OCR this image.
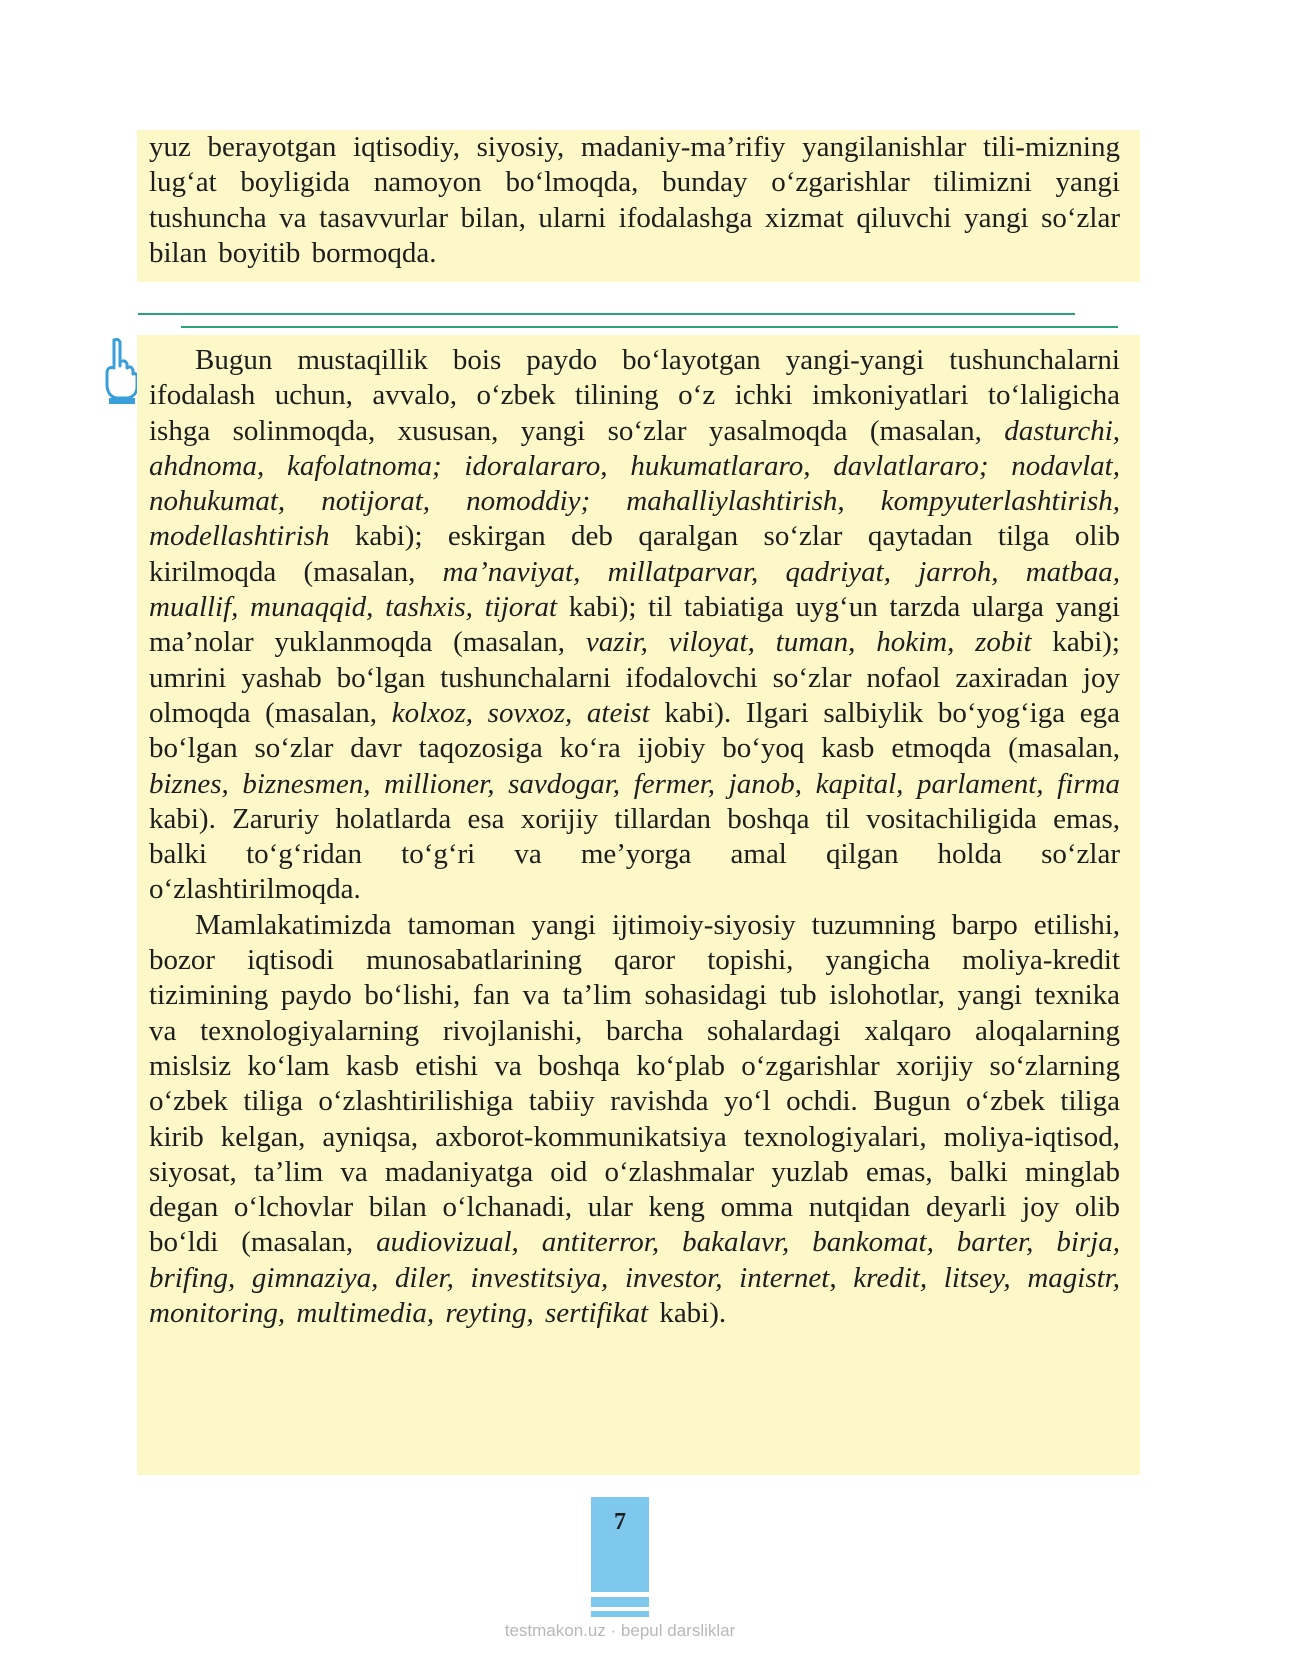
yuz berayotgan iqtisodiy, siyosiy, madaniy-ma’rifiy yangilanishlar tili-mizning lug‘at boyligida namoyon bo‘lmoqda, bunday o‘zgarishlar tilimizni yangi tushuncha va tasavvurlar bilan, ularni ifodalashga xizmat qiluvchi yangi so‘zlar bilan boyitib bormoqda.

Bugun mustaqillik bois paydo bo‘layotgan yangi-yangi tushunchalarni ifodalash uchun, avvalo, o‘zbek tilining o‘z ichki imkoniyatlari to‘laligicha ishga solinmoqda, xususan, yangi so‘zlar yasalmoqda (masalan, dasturchi, ahdnoma, kafolatnoma; idoralararo, hukumatlararo, davlatlararo; nodavlat, nohukumat, notijorat, nomoddiy; mahalliylashtirish, kompyuterlashtirish, modellashtirish kabi); eskirgan deb qaralgan so‘zlar qaytadan tilga olib kirilmoqda (masalan, ma’naviyat, millatparvar, qadriyat, jarroh, matbaa, muallif, munaqqid, tashxis, tijorat kabi); til tabiatiga uyg‘un tarzda ularga yangi ma’nolar yuklanmoqda (masalan, vazir, viloyat, tuman, hokim, zobit kabi); umrini yashab bo‘lgan tushunchalarni ifodalovchi so‘zlar nofaol zaxiradan joy olmoqda (masalan, kolxoz, sovxoz, ateist kabi). Ilgari salbiylik bo‘yog‘iga ega bo‘lgan so‘zlar davr taqozosiga ko‘ra ijobiy bo‘yoq kasb etmoqda (masalan, biznes, biznesmen, millioner, savdogar, fermer, janob, kapital, parlament, firma kabi). Zaruriy holatlarda esa xorijiy tillardan boshqa til vositachiligida emas, balki to‘g‘ridan to‘g‘ri va me’yorga amal qilgan holda so‘zlar o‘zlashtirilmoqda.

Mamlakatimizda tamoman yangi ijtimoiy-siyosiy tuzumning barpo etilishi, bozor iqtisodi munosabatlarining qaror topishi, yangicha moliya-kredit tizimining paydo bo‘lishi, fan va ta’lim sohasidagi tub islohotlar, yangi texnika va texnologiyalarning rivojlanishi, barcha sohalardagi xalqaro aloqalarning mislsiz ko‘lam kasb etishi va boshqa ko‘plab o‘zgarishlar xorijiy so‘zlarning o‘zbek tiliga o‘zlashtirilishiga tabiiy ravishda yo‘l ochdi. Bugun o‘zbek tiliga kirib kelgan, ayniqsa, axborot-kommunikatsiya texnologiyalari, moliya-iqtisod, siyosat, ta’lim va madaniyatga oid o‘zlashmalar yuzlab emas, balki minglab degan o‘lchovlar bilan o‘lchanadi, ular keng omma nutqidan deyarli joy olib bo‘ldi (masalan, audiovizual, antiterror, bakalavr, bankomat, barter, birja, brifing, gimnaziya, diler, investitsiya, investor, internet, kredit, litsey, magistr, monitoring, multimedia, reyting, sertifikat kabi).

7
testmakon.uz · bepul darsliklar
